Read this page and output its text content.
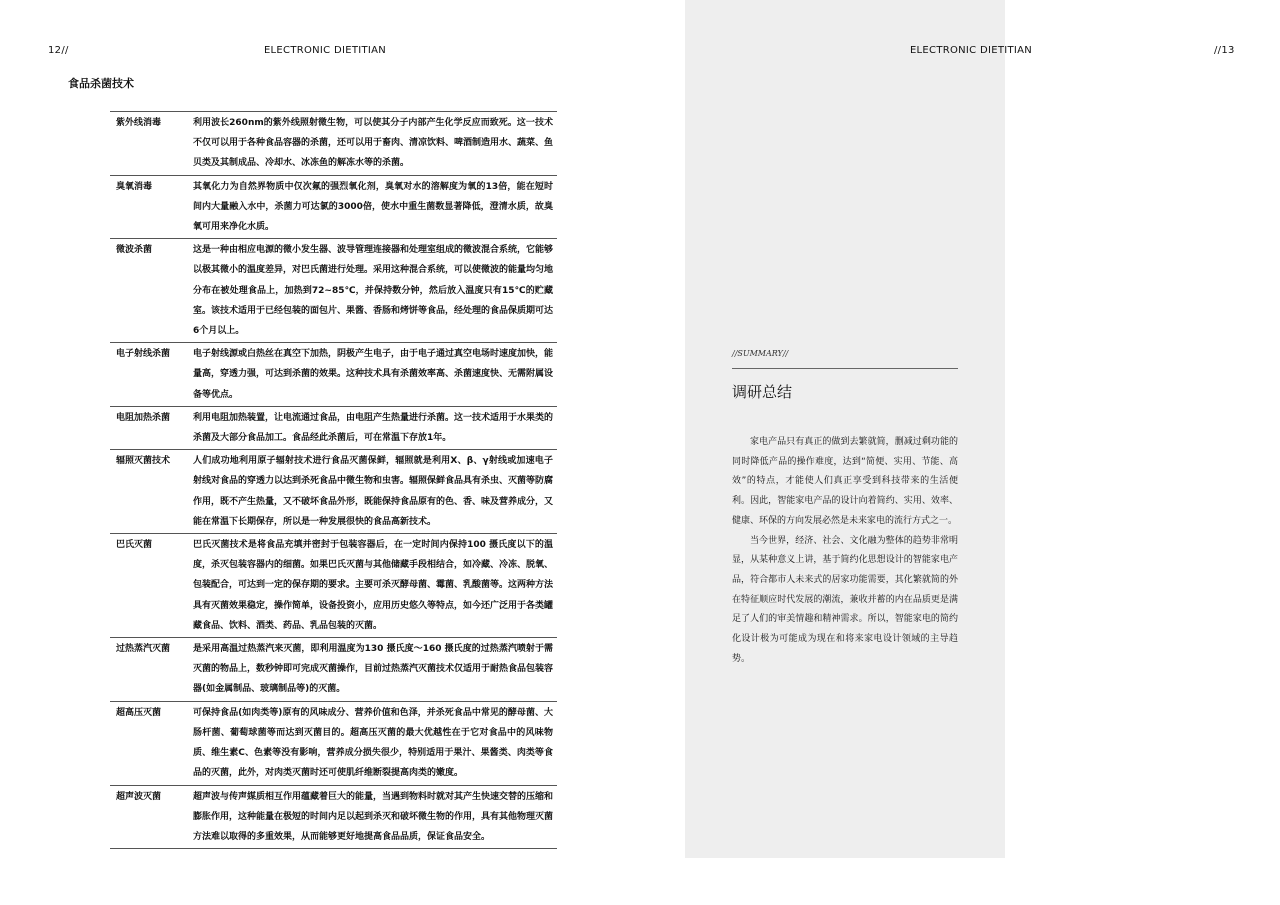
12//	ELECTRONIC DIETITIAN	ELECTRONIC DIETITIAN	//13
食品杀菌技术
紫外线消毒	利用波长260nm的紫外线照射微生物，可以使其分子内部产生化学反应而致死。这一技术不仅可以用于各种食品容器的杀菌，还可以用于畜肉、清凉饮料、啤酒制造用水、蔬菜、鱼贝类及其制成品、冷却水、冰冻鱼的解冻水等的杀菌。
臭氧消毒	其氧化力为自然界物质中仅次氟的强烈氧化剂，臭氧对水的溶解度为氧的13倍，能在短时间内大量融入水中，杀菌力可达氯的3000倍，使水中重生菌数显著降低，澄清水质，故臭氧可用来净化水质。
微波杀菌	这是一种由相应电源的微小发生器、波导管理连接器和处理室组成的微波混合系统，它能够以极其微小的温度差异，对巴氏菌进行处理。采用这种混合系统，可以使微波的能量均匀地分布在被处理食品上，加热到72~85℃，并保持数分钟，然后放入温度只有15℃的贮藏室。该技术适用于已经包装的面包片、果酱、香肠和烤饼等食品，经处理的食品保质期可达6个月以上。
电子射线杀菌	电子射线源或白热丝在真空下加热，阴极产生电子，由于电子通过真空电场时速度加快，能量高，穿透力强，可达到杀菌的效果。这种技术具有杀菌效率高、杀菌速度快、无需附属设备等优点。
电阻加热杀菌	利用电阻加热装置，让电流通过食品，由电阻产生热量进行杀菌。这一技术适用于水果类的杀菌及大部分食品加工。食品经此杀菌后，可在常温下存放1年。
辐照灭菌技术	人们成功地利用原子辐射技术进行食品灭菌保鲜，辐照就是利用X、β、γ射线或加速电子射线对食品的穿透力以达到杀死食品中微生物和虫害。辐照保鲜食品具有杀虫、灭菌等防腐作用，既不产生热量，又不破坏食品外形，既能保持食品原有的色、香、味及营养成分，又能在常温下长期保存，所以是一种发展很快的食品高新技术。
巴氏灭菌	巴氏灭菌技术是将食品充填并密封于包装容器后，在一定时间内保持100 摄氏度以下的温度，杀灭包装容器内的细菌。如果巴氏灭菌与其他储藏手段相结合，如冷藏、冷冻、脱氧、包装配合，可达到一定的保存期的要求。主要可杀灭酵母菌、霉菌、乳酸菌等。这两种方法具有灭菌效果稳定，操作简单，设备投资小，应用历史悠久等特点，如今还广泛用于各类罐藏食品、饮料、酒类、药品、乳品包装的灭菌。
过热蒸汽灭菌	是采用高温过热蒸汽来灭菌，即利用温度为130 摄氏度～160 摄氏度的过热蒸汽喷射于需灭菌的物品上，数秒钟即可完成灭菌操作，目前过热蒸汽灭菌技术仅适用于耐热食品包装容器(如金属制品、玻璃制品等)的灭菌。
超高压灭菌	可保持食品(如肉类等)原有的风味成分、营养价值和色泽，并杀死食品中常见的酵母菌、大肠杆菌、葡萄球菌等而达到灭菌目的。超高压灭菌的最大优越性在于它对食品中的风味物质、维生素C、色素等没有影响，营养成分损失很少，特别适用于果汁、果酱类、肉类等食品的灭菌，此外，对肉类灭菌时还可使肌纤维断裂提高肉类的嫩度。
超声波灭菌	超声波与传声媒质相互作用蕴藏着巨大的能量，当遇到物料时就对其产生快速交替的压缩和膨胀作用，这种能量在极短的时间内足以起到杀灭和破坏微生物的作用，具有其他物理灭菌方法难以取得的多重效果，从而能够更好地提高食品品质，保证食品安全。
//SUMMARY//
调研总结

家电产品只有真正的做到去繁就简，删减过剩功能的同时降低产品的操作难度，达到“简便、实用、节能、高效”的特点，才能使人们真正享受到科技带来的生活便利。因此，智能家电产品的设计向着简约、实用、效率、健康、环保的方向发展必然是未来家电的流行方式之一。

当今世界，经济、社会、文化融为整体的趋势非常明显，从某种意义上讲，基于简约化思想设计的智能家电产品，符合都市人未来式的居家功能需要，其化繁就简的外在特征顺应时代发展的潮流，兼收并蓄的内在品质更是满足了人们的审美情趣和精神需求。所以，智能家电的简约化设计极为可能成为现在和将来家电设计领域的主导趋势。
